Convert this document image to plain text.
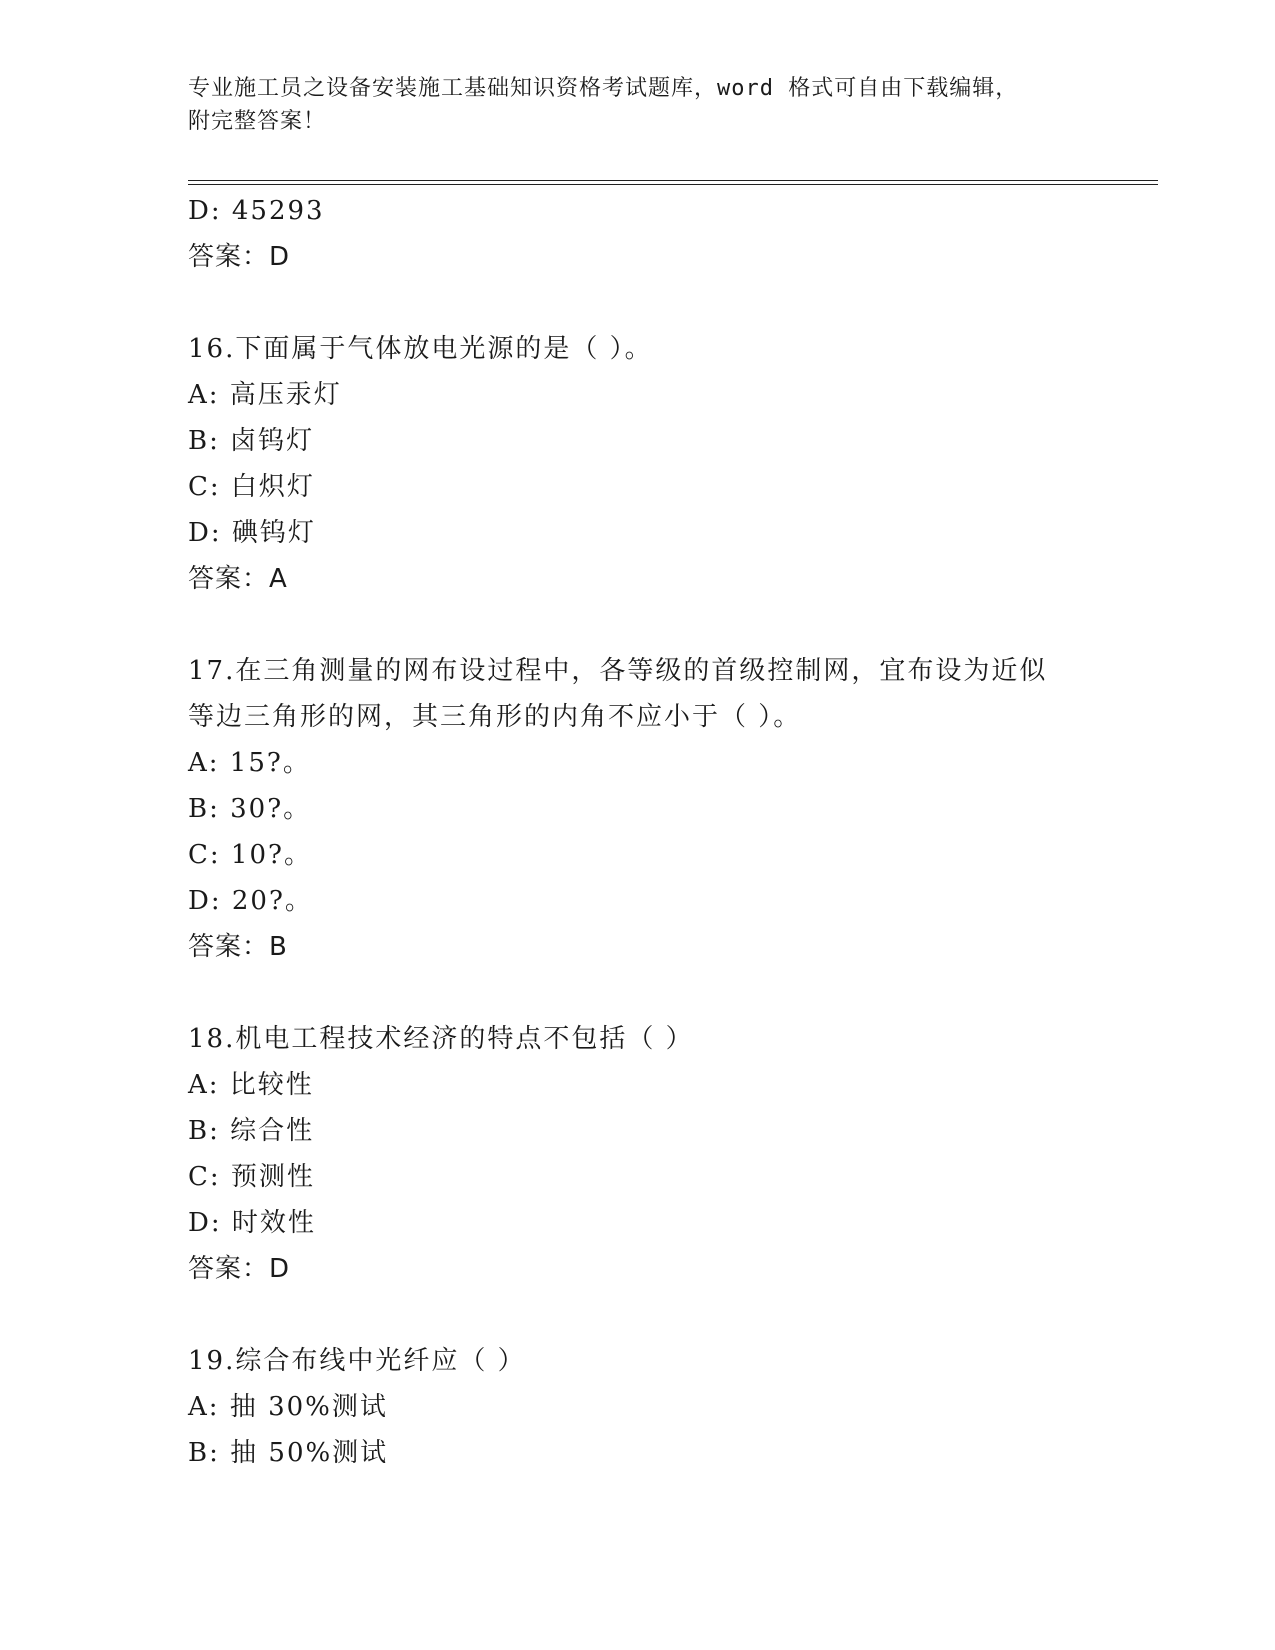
专业施工员之设备安装施工基础知识资格考试题库，word 格式可自由下载编辑，
附完整答案！
D: 45293
答案：D
16.下面属于气体放电光源的是（ ）。
A: 高压汞灯
B: 卤钨灯
C: 白炽灯
D: 碘钨灯
答案：A
17.在三角测量的网布设过程中，各等级的首级控制网，宜布设为近似
等边三角形的网，其三角形的内角不应小于（ ）。
A: 15?。
B: 30?。
C: 10?。
D: 20?。
答案：B
18.机电工程技术经济的特点不包括（ ）
A: 比较性
B: 综合性
C: 预测性
D: 时效性
答案：D
19.综合布线中光纤应（ ）
A: 抽 30%测试
B: 抽 50%测试
